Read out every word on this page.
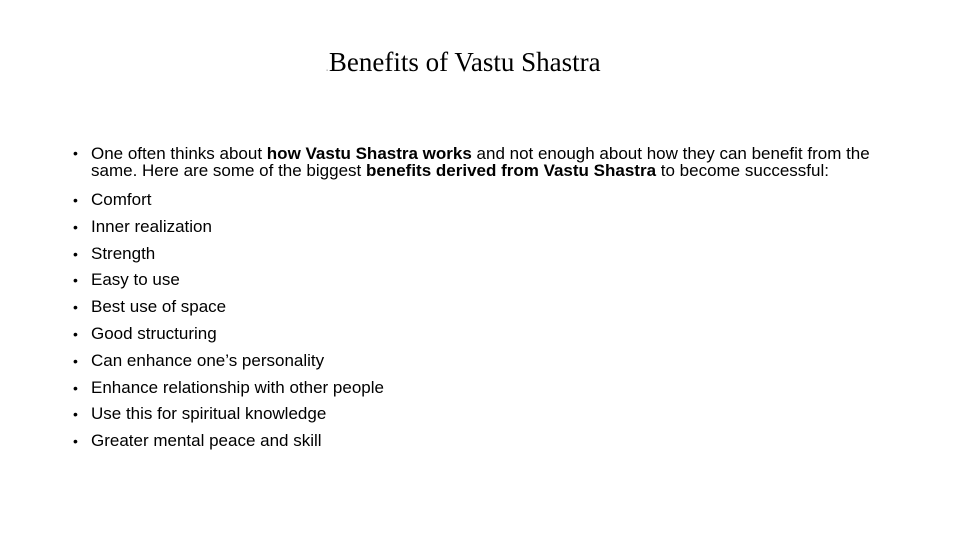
.Benefits of Vastu Shastra
• One often thinks about how Vastu Shastra works and not enough about how they can benefit from the same. Here are some of the biggest benefits derived from Vastu Shastra to become successful:
• Comfort
• Inner realization
• Strength
• Easy to use
• Best use of space
• Good structuring
• Can enhance one’s personality
• Enhance relationship with other people
• Use this for spiritual knowledge
• Greater mental peace and skill
